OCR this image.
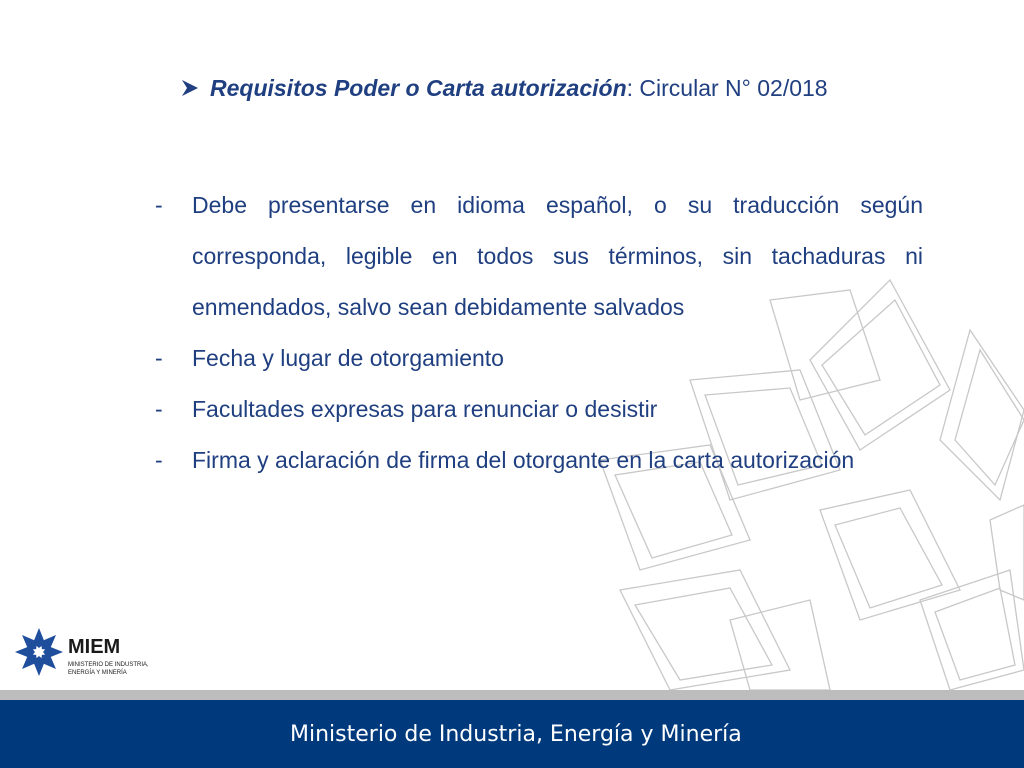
Requisitos Poder o Carta autorización: Circular N° 02/018
- Debe presentarse en idioma español, o su traducción según corresponda, legible en todos sus términos, sin tachaduras ni enmendados, salvo sean debidamente salvados
- Fecha y lugar de otorgamiento
- Facultades expresas para renunciar o desistir
- Firma y aclaración de firma del otorgante en la carta autorización
MIEM
MINISTERIO DE INDUSTRIA,
ENERGÍA Y MINERÍA
Ministerio de Industria, Energía y Minería
